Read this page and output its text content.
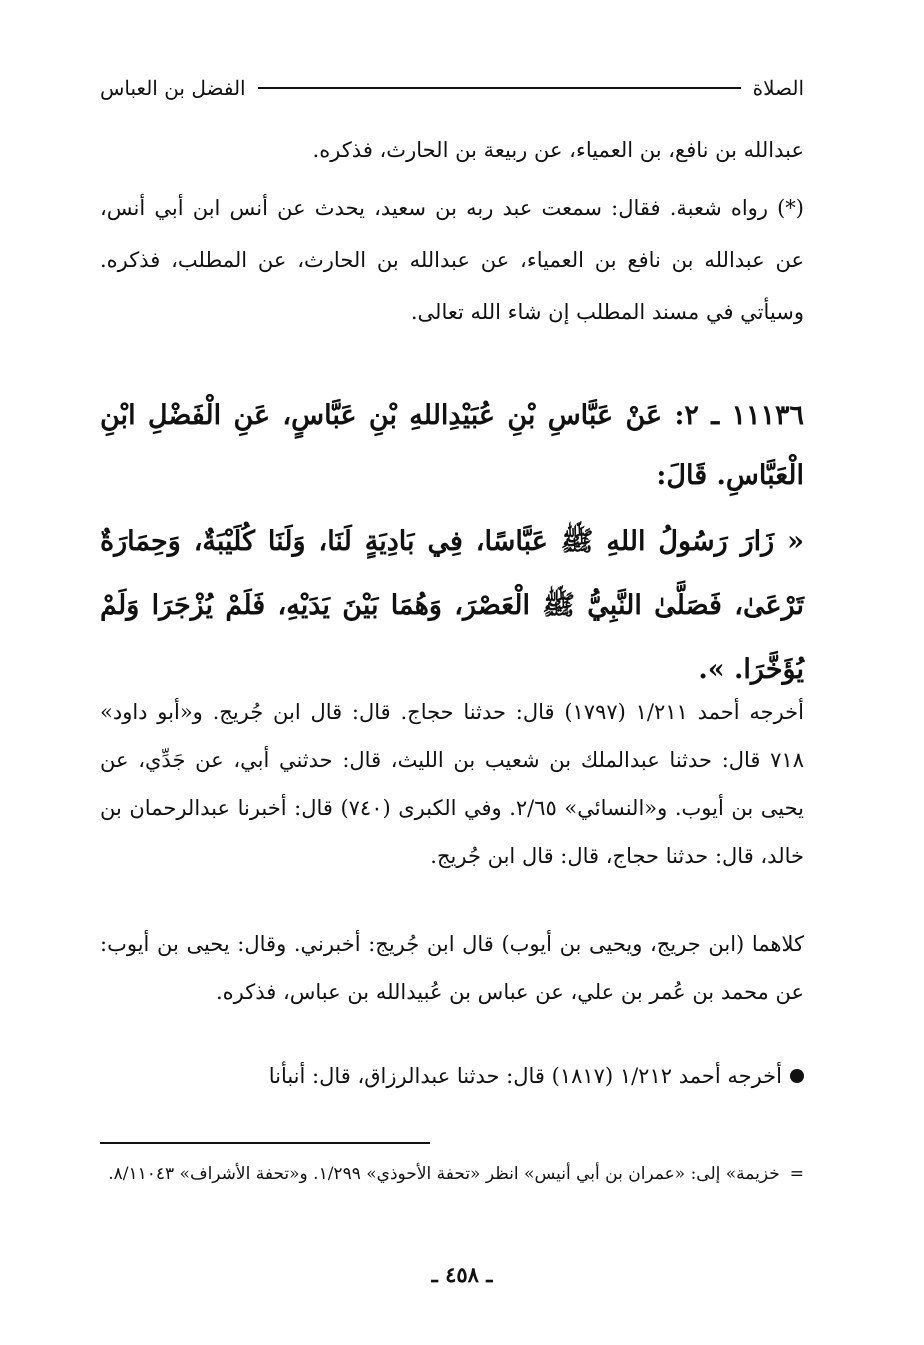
الصلاة
الفضل بن العباس
عبدالله بن نافع، بن العمياء، عن ربيعة بن الحارث، فذكره.
(*) رواه شعبة. فقال: سمعت عبد ربه بن سعيد، يحدث عن أنس ابن أبي أنس، عن عبدالله بن نافع بن العمياء، عن عبدالله بن الحارث، عن المطلب، فذكره. وسيأتي في مسند المطلب إن شاء الله تعالى.
١١١٣٦ ـ ٢: عَنْ عَبَّاسِ بْنِ عُبَيْدِاللهِ بْنِ عَبَّاسٍ، عَنِ الْفَضْلِ ابْنِ الْعَبَّاسِ. قَالَ:
« زَارَ رَسُولُ اللهِ ﷺ عَبَّاسًا، فِي بَادِيَةٍ لَنَا، وَلَنَا كُلَيْبَةٌ، وَحِمَارَةٌ تَرْعَىٰ، فَصَلَّىٰ النَّبِيُّ ﷺ الْعَصْرَ، وَهُمَا بَيْنَ يَدَيْهِ، فَلَمْ يُزْجَرَا وَلَمْ يُؤَخَّرَا. ».
أخرجه أحمد ١/٢١١ (١٧٩٧) قال: حدثنا حجاج. قال: قال ابن جُريج. و«أبو داود» ٧١٨ قال: حدثنا عبدالملك بن شعيب بن الليث، قال: حدثني أبي، عن جَدِّي، عن يحيى بن أيوب. و«النسائي» ٢/٦٥. وفي الكبرى (٧٤٠) قال: أخبرنا عبدالرحمان بن خالد، قال: حدثنا حجاج، قال: قال ابن جُريج.
كلاهما (ابن جريج، ويحيى بن أيوب) قال ابن جُريج: أخبرني. وقال: يحيى بن أيوب: عن محمد بن عُمر بن علي، عن عباس بن عُبيدالله بن عباس، فذكره.
أخرجه أحمد ١/٢١٢ (١٨١٧) قال: حدثنا عبدالرزاق، قال: أنبأنا
=
خزيمة» إلى: «عمران بن أبي أنيس» انظر «تحفة الأحوذي» ١/٢٩٩. و«تحفة الأشراف» ٨/١١٠٤٣.
ـ ٤٥٨ ـ
